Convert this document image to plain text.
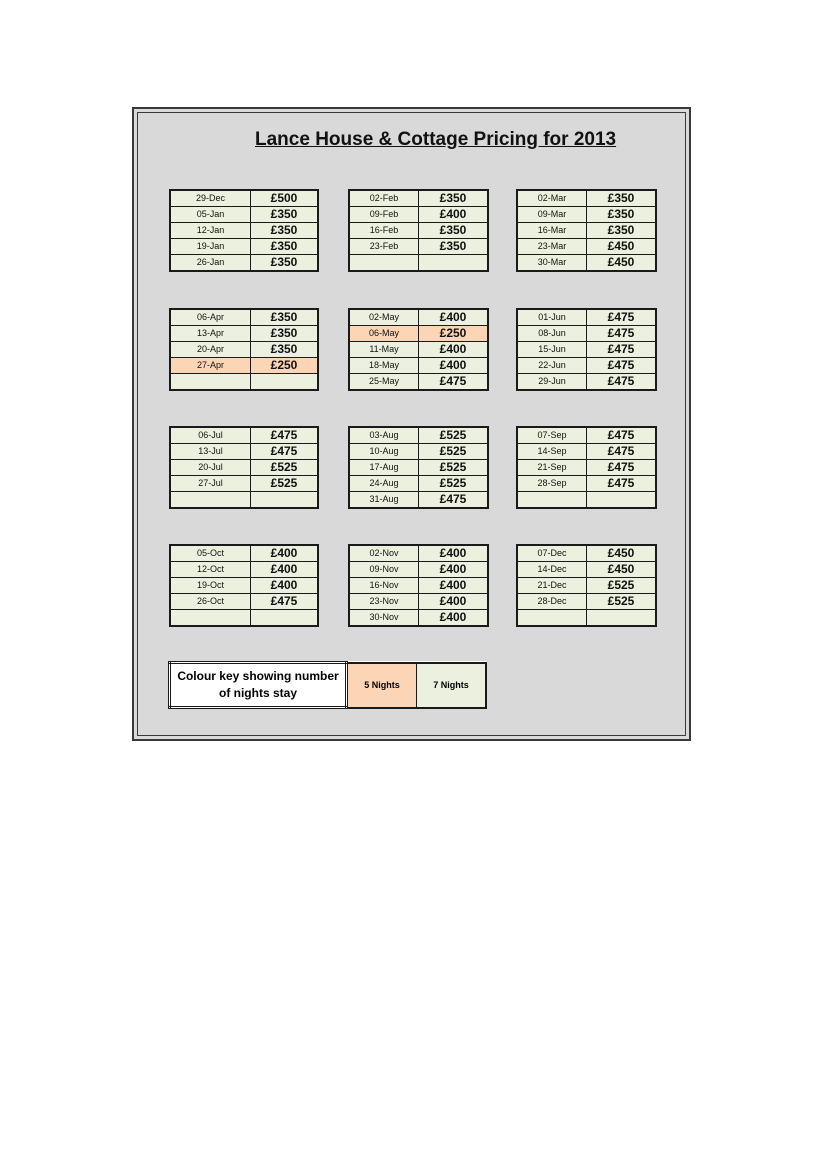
Lance House & Cottage Pricing for 2013
29-Dec	£500
05-Jan	£350
12-Jan	£350
19-Jan	£350
26-Jan	£350
02-Feb	£350
09-Feb	£400
16-Feb	£350
23-Feb	£350

02-Mar	£350
09-Mar	£350
16-Mar	£350
23-Mar	£450
30-Mar	£450
06-Apr	£350
13-Apr	£350
20-Apr	£350
27-Apr	£250

02-May	£400
06-May	£250
11-May	£400
18-May	£400
25-May	£475
01-Jun	£475
08-Jun	£475
15-Jun	£475
22-Jun	£475
29-Jun	£475
06-Jul	£475
13-Jul	£475
20-Jul	£525
27-Jul	£525

03-Aug	£525
10-Aug	£525
17-Aug	£525
24-Aug	£525
31-Aug	£475
07-Sep	£475
14-Sep	£475
21-Sep	£475
28-Sep	£475

05-Oct	£400
12-Oct	£400
19-Oct	£400
26-Oct	£475

02-Nov	£400
09-Nov	£400
16-Nov	£400
23-Nov	£400
30-Nov	£400
07-Dec	£450
14-Dec	£450
21-Dec	£525
28-Dec	£525

Colour key showing number
of nights stay	5 Nights	7 Nights
